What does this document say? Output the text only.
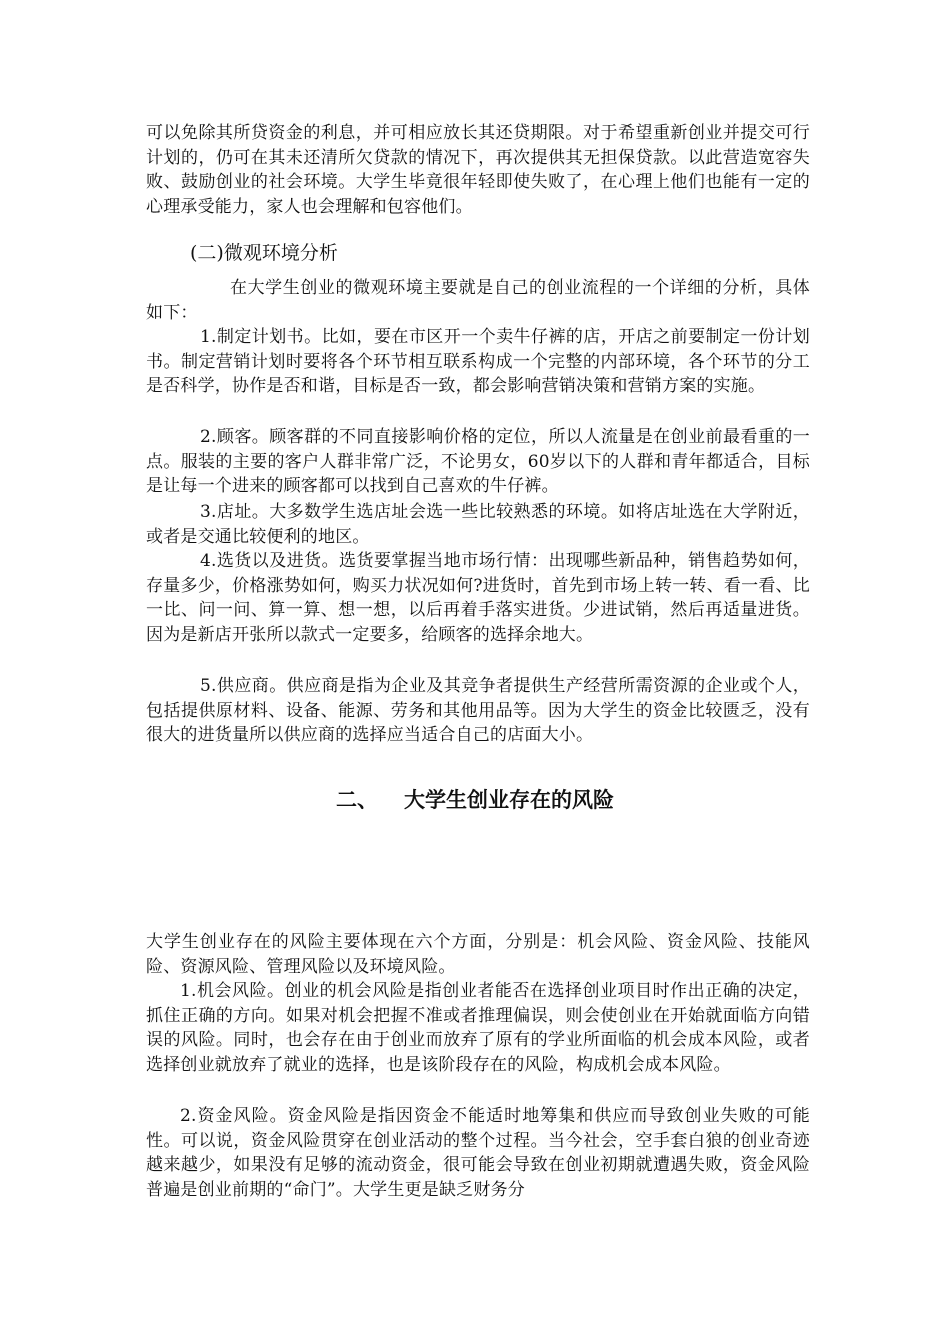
可以免除其所贷资金的利息，并可相应放长其还贷期限。对于希望重新创业并提交可行计划的，仍可在其未还清所欠贷款的情况下，再次提供其无担保贷款。以此营造宽容失败、鼓励创业的社会环境。大学生毕竟很年轻即使失败了，在心理上他们也能有一定的心理承受能力，家人也会理解和包容他们。

(二)微观环境分析

在大学生创业的微观环境主要就是自己的创业流程的一个详细的分析，具体如下：

1.制定计划书。比如，要在市区开一个卖牛仔裤的店，开店之前要制定一份计划书。制定营销计划时要将各个环节相互联系构成一个完整的内部环境，各个环节的分工是否科学，协作是否和谐，目标是否一致，都会影响营销决策和营销方案的实施。

2.顾客。顾客群的不同直接影响价格的定位，所以人流量是在创业前最看重的一点。服装的主要的客户人群非常广泛，不论男女，60岁以下的人群和青年都适合，目标是让每一个进来的顾客都可以找到自己喜欢的牛仔裤。

3.店址。大多数学生选店址会选一些比较熟悉的环境。如将店址选在大学附近，或者是交通比较便利的地区。

4.选货以及进货。选货要掌握当地市场行情：出现哪些新品种，销售趋势如何，存量多少，价格涨势如何，购买力状况如何?进货时，首先到市场上转一转、看一看、比一比、问一问、算一算、想一想，以后再着手落实进货。少进试销，然后再适量进货。因为是新店开张所以款式一定要多，给顾客的选择余地大。

5.供应商。供应商是指为企业及其竞争者提供生产经营所需资源的企业或个人，包括提供原材料、设备、能源、劳务和其他用品等。因为大学生的资金比较匮乏，没有很大的进货量所以供应商的选择应当适合自己的店面大小。

二、 大学生创业存在的风险

大学生创业存在的风险主要体现在六个方面，分别是：机会风险、资金风险、技能风险、资源风险、管理风险以及环境风险。

1.机会风险。创业的机会风险是指创业者能否在选择创业项目时作出正确的决定，抓住正确的方向。如果对机会把握不准或者推理偏误，则会使创业在开始就面临方向错误的风险。同时，也会存在由于创业而放弃了原有的学业所面临的机会成本风险，或者选择创业就放弃了就业的选择，也是该阶段存在的风险，构成机会成本风险。

2.资金风险。资金风险是指因资金不能适时地筹集和供应而导致创业失败的可能性。可以说，资金风险贯穿在创业活动的整个过程。当今社会，空手套白狼的创业奇迹越来越少，如果没有足够的流动资金，很可能会导致在创业初期就遭遇失败，资金风险普遍是创业前期的“命门”。大学生更是缺乏财务分
